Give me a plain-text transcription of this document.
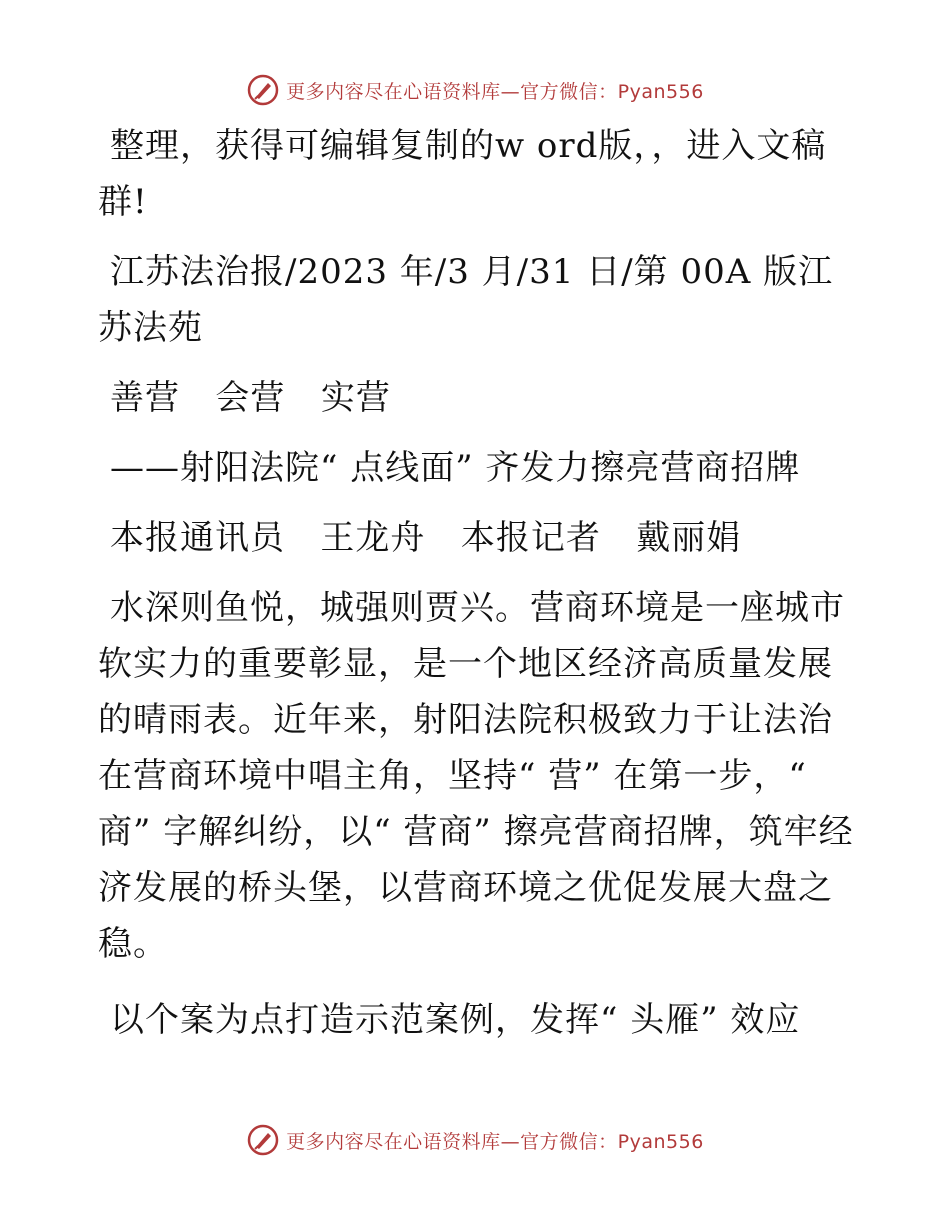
更多内容尽在心语资料库—官方微信：Pyan556

整理，获得可编辑复制的w ord版，，进入文稿群!

江苏法治报/2023 年/3 月/31 日/第 00A 版江苏法苑

善营   会营   实营

——射阳法院“ 点线面” 齐发力擦亮营商招牌

本报通讯员   王龙舟   本报记者   戴丽娟

水深则鱼悦，城强则贾兴。营商环境是一座城市软实力的重要彰显，是一个地区经济高质量发展的晴雨表。近年来，射阳法院积极致力于让法治在营商环境中唱主角，坚持“ 营” 在第一步，“ 商” 字解纠纷，以“ 营商” 擦亮营商招牌，筑牢经济发展的桥头堡，以营商环境之优促发展大盘之稳。

以个案为点打造示范案例，发挥“ 头雁” 效应

更多内容尽在心语资料库—官方微信：Pyan556
